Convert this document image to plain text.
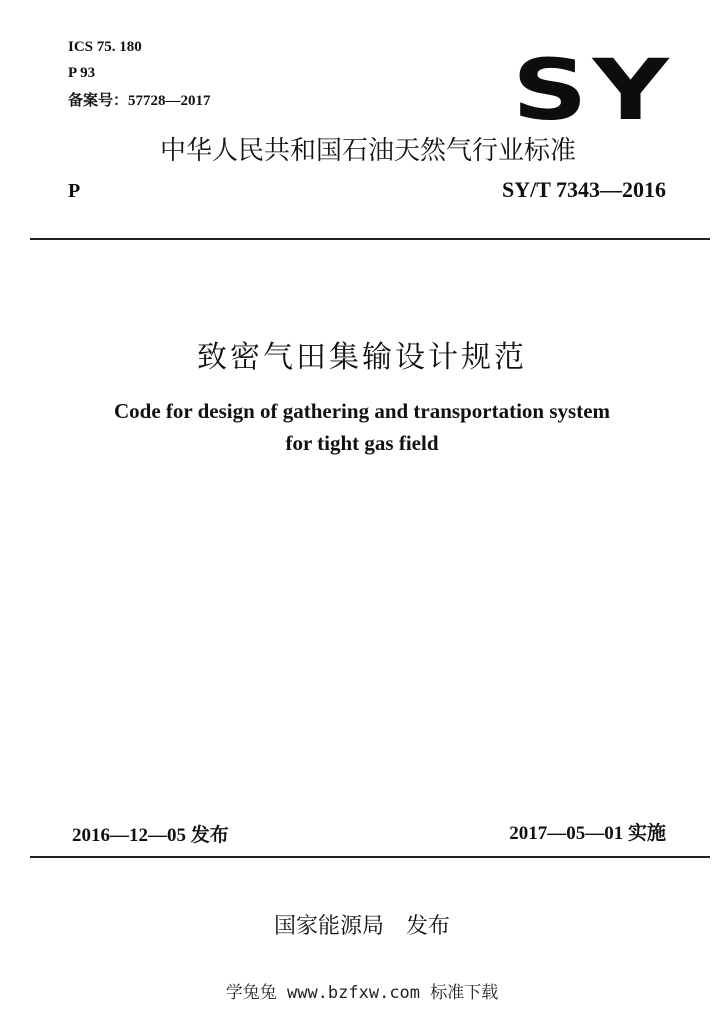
ICS 75. 180
P 93
备案号：57728—2017	SY
中华人民共和国石油天然气行业标准
P	SY/T 7343—2016
致密气田集输设计规范
Code for design of gathering and transportation system
for tight gas field
2016—12—05 发布	2017—05—01 实施
国家能源局　发布
学兔兔 www.bzfxw.com 标准下载
